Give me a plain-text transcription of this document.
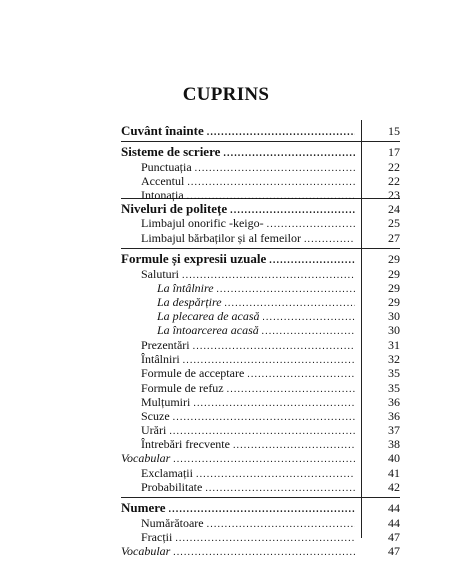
CUPRINS
Cuvânt înainte .....	15
Sisteme de scriere .....	17
Punctuația .....	22
Accentul .....	22
Intonația .....	23
Niveluri de politețe .....	24
Limbajul onorific -keigo- .....	25
Limbajul bărbaților și al femeilor .....	27
Formule și expresii uzuale .....	29
Saluturi .....	29
La întâlnire .....	29
La despărțire .....	29
La plecarea de acasă .....	30
La întoarcerea acasă .....	30
Prezentări .....	31
Întâlniri .....	32
Formule de acceptare .....	35
Formule de refuz .....	35
Mulțumiri .....	36
Scuze .....	36
Urări .....	37
Întrebări frecvente .....	38
Vocabular .....	40
Exclamații .....	41
Probabilitate .....	42
Numere .....	44
Numărătoare .....	44
Fracții .....	47
Vocabular .....	47
